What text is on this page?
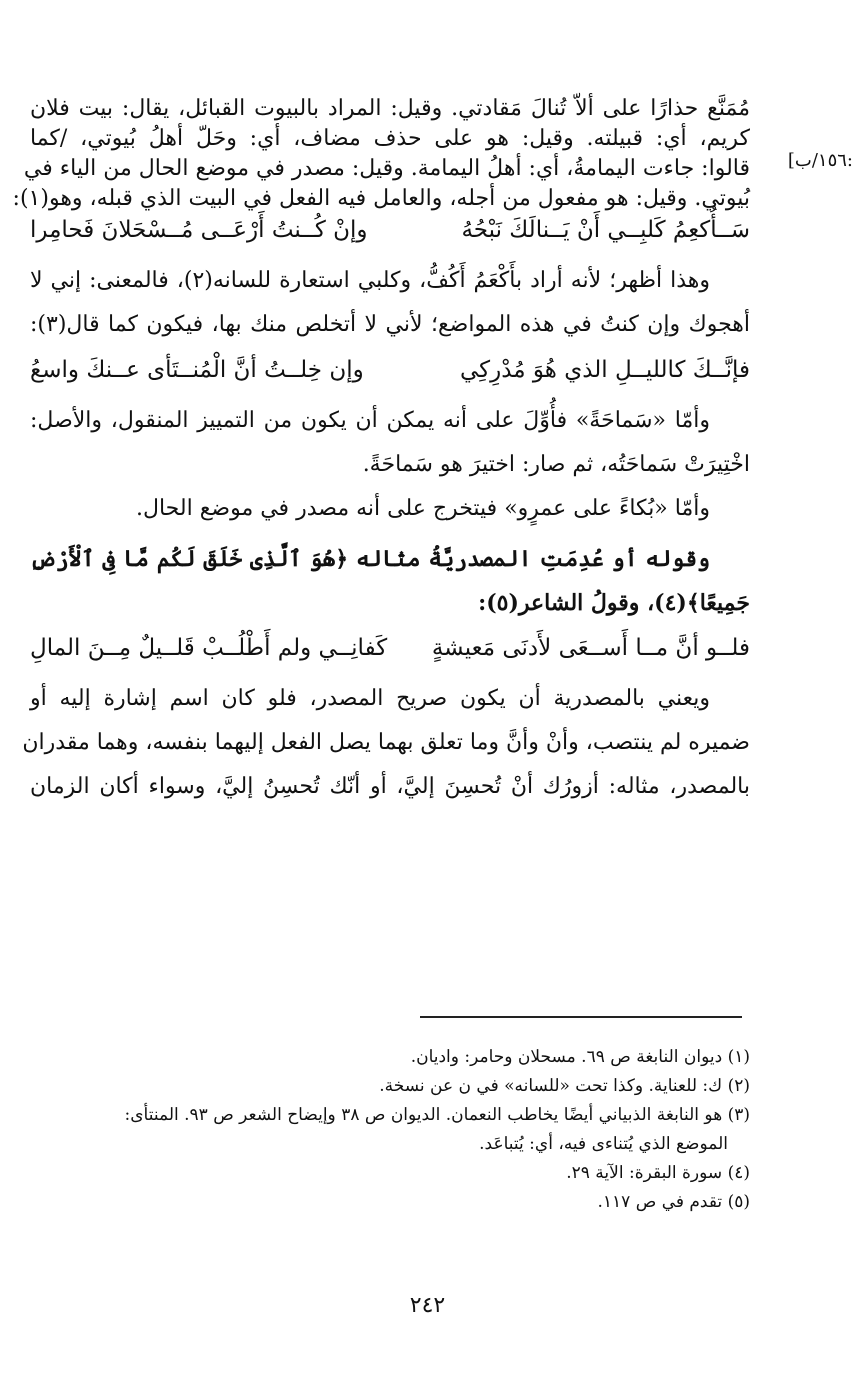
:١٥٦/ب]

مُمَنَّع حذارًا على ألاّ تُنالَ مَقادتي. وقيل: المراد بالبيوت القبائل، يقال: بيت فلان

كريم، أي: قبيلته. وقيل: هو على حذف مضاف، أي: وحَلّ أهلُ بُيوتي، /كما

قالوا: جاءت اليمامةُ، أي: أهلُ اليمامة. وقيل: مصدر في موضع الحال من الياء في

بُيوتي. وقيل: هو مفعول من أجله، والعامل فيه الفعل في البيت الذي قبله، وهو(١):

سَــأُكعِمُ كَلبِــي أَنْ يَــنالَكَ نَبْحُهُ
وإنْ كُــنتُ أَرْعَــى مُــسْحَلانَ فَحامِرا

وهذا أظهر؛ لأنه أراد بأَكْعَمُ أَكُفُّ، وكلبي استعارة للسانه(٢)، فالمعنى: إني لا

أهجوك وإن كنتُ في هذه المواضع؛ لأني لا أتخلص منك بها، فيكون كما قال(٣):

فإنَّــكَ كالليــلِ الذي هُوَ مُدْرِكِي
وإن خِلــتُ أنَّ الْمُنــتَأى عــنكَ واسعُ

وأمّا «سَماحَةً» فأُوِّلَ على أنه يمكن أن يكون من التمييز المنقول، والأصل:

اخْتِيرَتْ سَماحَتُه، ثم صار: اختيرَ هو سَماحَةً.

وأمّا «بُكاءً على عمرٍو» فيتخرج على أنه مصدر في موضع الحال.

وقوله أو عُدِمَتِ المصدريَّةُ مثاله ﴿هُوَ ٱلَّذِى خَلَقَ لَكُم مَّا فِى ٱلْأَرْضِ

جَمِيعًا﴾(٤)، وقولُ الشاعر(٥):

فلــو أنَّ مــا أَســعَى لأَدنَى مَعيشةٍ
كَفانِــي ولم أَطْلُــبْ قَلــيلٌ مِــنَ المالِ

ويعني بالمصدرية أن يكون صريح المصدر، فلو كان اسم إشارة إليه أو

ضميره لم ينتصب، وأنْ وأنَّ وما تعلق بهما يصل الفعل إليهما بنفسه، وهما مقدران

بالمصدر، مثاله: أزورُك أنْ تُحسِنَ إليَّ، أو أنّك تُحسِنُ إليَّ، وسواء أكان الزمان

(١) ديوان النابغة ص ٦٩. مسحلان وحامر: واديان.
(٢) ك: للعناية. وكذا تحت «للسانه» في ن عن نسخة.
(٣) هو النابغة الذبياني أيضًا يخاطب النعمان. الديوان ص ٣٨ وإيضاح الشعر ص ٩٣. المنتأى:
الموضع الذي يُتناءى فيه، أي: يُتباعَد.
(٤) سورة البقرة: الآية ٢٩.
(٥) تقدم في ص ١١٧.
٢٤٢
